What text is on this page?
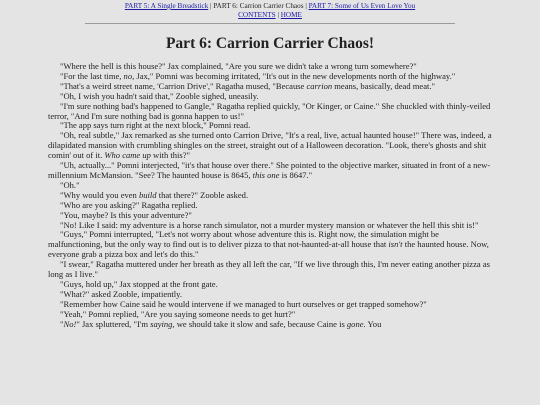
PART 5: A Single Breadstick | PART 6: Carrion Carrier Chaos | PART 7: Some of Us Even Love You
CONTENTS | HOME
Part 6: Carrion Carrier Chaos!

"Where the hell is this house?" Jax complained, "Are you sure we didn't take a wrong turn somewhere?"

"For the last time, no, Jax," Pomni was becoming irritated, "It's out in the new developments north of the highway."

"That's a weird street name, 'Carrion Drive'," Ragatha mused, "Because carrion means, basically, dead meat."

"Oh, I wish you hadn't said that," Zooble sighed, uneasily.

"I'm sure nothing bad's happened to Gangle," Ragatha replied quickly, "Or Kinger, or Caine." She chuckled with thinly-veiled terror, "And I'm sure nothing bad is gonna happen to us!"

"The app says turn right at the next block," Pomni read.

"Oh, real subtle," Jax remarked as she turned onto Carrion Drive, "It's a real, live, actual haunted house!" There was, indeed, a dilapidated mansion with crumbling shingles on the street, straight out of a Halloween decoration. "Look, there's ghosts and shit comin' out of it. Who came up with this?"

"Uh, actually..." Pomni interjected, "it's that house over there." She pointed to the objective marker, situated in front of a new-millennium McMansion. "See? The haunted house is 8645, this one is 8647."

"Oh."

"Why would you even build that there?" Zooble asked.

"Who are you asking?" Ragatha replied.

"You, maybe? Is this your adventure?"

"No! Like I said: my adventure is a horse ranch simulator, not a murder mystery mansion or whatever the hell this shit is!"

"Guys," Pomni interrupted, "Let's not worry about whose adventure this is. Right now, the simulation might be malfunctioning, but the only way to find out is to deliver pizza to that not-haunted-at-all house that isn't the haunted house. Now, everyone grab a pizza box and let's do this."

"I swear," Ragatha muttered under her breath as they all left the car, "If we live through this, I'm never eating another pizza as long as I live."

"Guys, hold up," Jax stopped at the front gate.

"What?" asked Zooble, impatiently.

"Remember how Caine said he would intervene if we managed to hurt ourselves or get trapped somehow?"

"Yeah," Pomni replied, "Are you saying someone needs to get hurt?"

"No!" Jax spluttered, "I'm saying, we should take it slow and safe, because Caine is gone. You
